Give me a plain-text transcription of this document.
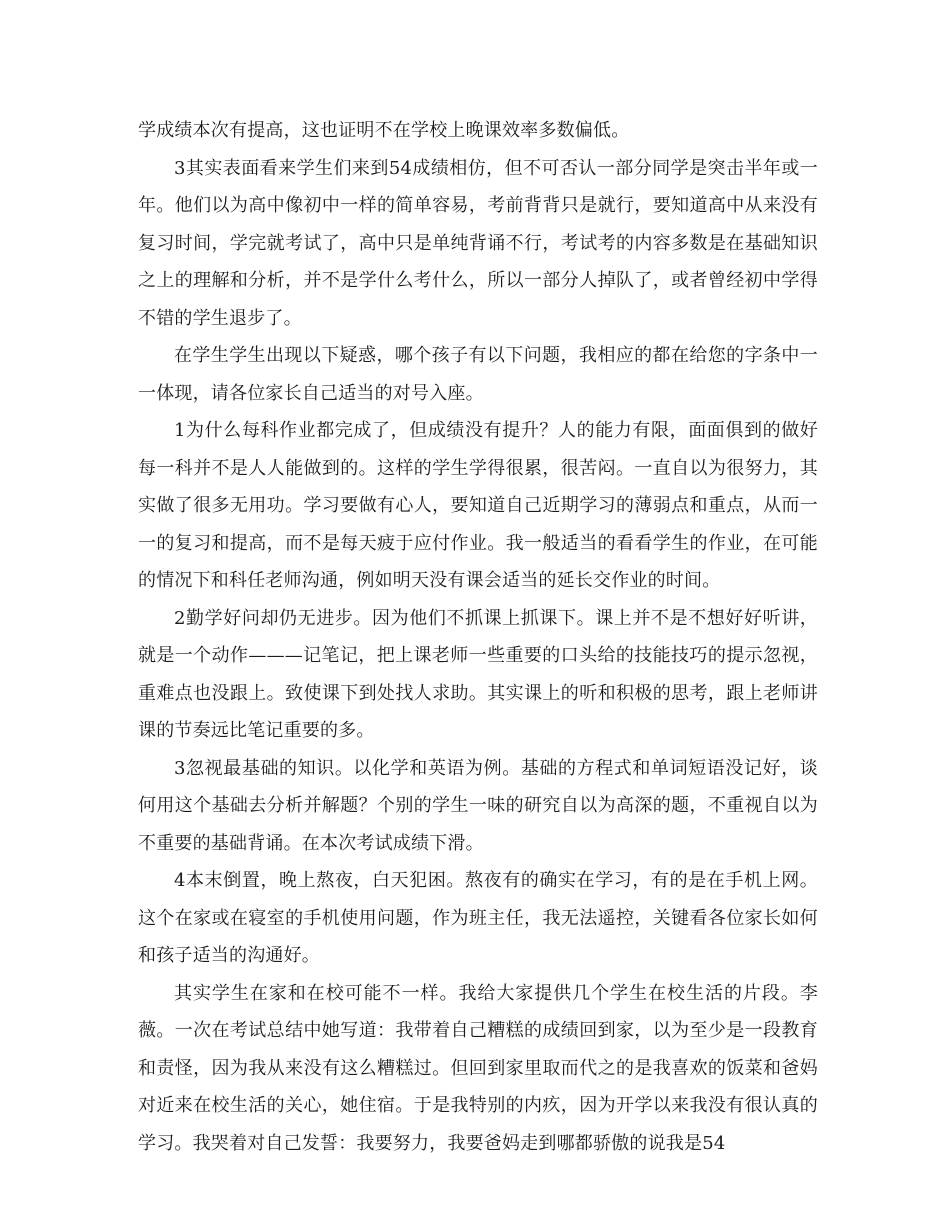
学成绩本次有提高，这也证明不在学校上晚课效率多数偏低。

3其实表面看来学生们来到54成绩相仿，但不可否认一部分同学是突击半年或一年。他们以为高中像初中一样的简单容易，考前背背只是就行，要知道高中从来没有复习时间，学完就考试了，高中只是单纯背诵不行，考试考的内容多数是在基础知识之上的理解和分析，并不是学什么考什么，所以一部分人掉队了，或者曾经初中学得不错的学生退步了。

在学生学生出现以下疑惑，哪个孩子有以下问题，我相应的都在给您的字条中一一体现，请各位家长自己适当的对号入座。

1为什么每科作业都完成了，但成绩没有提升？人的能力有限，面面俱到的做好每一科并不是人人能做到的。这样的学生学得很累，很苦闷。一直自以为很努力，其实做了很多无用功。学习要做有心人，要知道自己近期学习的薄弱点和重点，从而一一的复习和提高，而不是每天疲于应付作业。我一般适当的看看学生的作业，在可能的情况下和科任老师沟通，例如明天没有课会适当的延长交作业的时间。

2勤学好问却仍无进步。因为他们不抓课上抓课下。课上并不是不想好好听讲，就是一个动作———记笔记，把上课老师一些重要的口头给的技能技巧的提示忽视，重难点也没跟上。致使课下到处找人求助。其实课上的听和积极的思考，跟上老师讲课的节奏远比笔记重要的多。

3忽视最基础的知识。以化学和英语为例。基础的方程式和单词短语没记好，谈何用这个基础去分析并解题？个别的学生一味的研究自以为高深的题，不重视自以为不重要的基础背诵。在本次考试成绩下滑。

4本末倒置，晚上熬夜，白天犯困。熬夜有的确实在学习，有的是在手机上网。这个在家或在寝室的手机使用问题，作为班主任，我无法遥控，关键看各位家长如何和孩子适当的沟通好。

其实学生在家和在校可能不一样。我给大家提供几个学生在校生活的片段。李薇。一次在考试总结中她写道：我带着自己糟糕的成绩回到家，以为至少是一段教育和责怪，因为我从来没有这么糟糕过。但回到家里取而代之的是我喜欢的饭菜和爸妈对近来在校生活的关心，她住宿。于是我特别的内疚，因为开学以来我没有很认真的学习。我哭着对自己发誓：我要努力，我要爸妈走到哪都骄傲的说我是54
